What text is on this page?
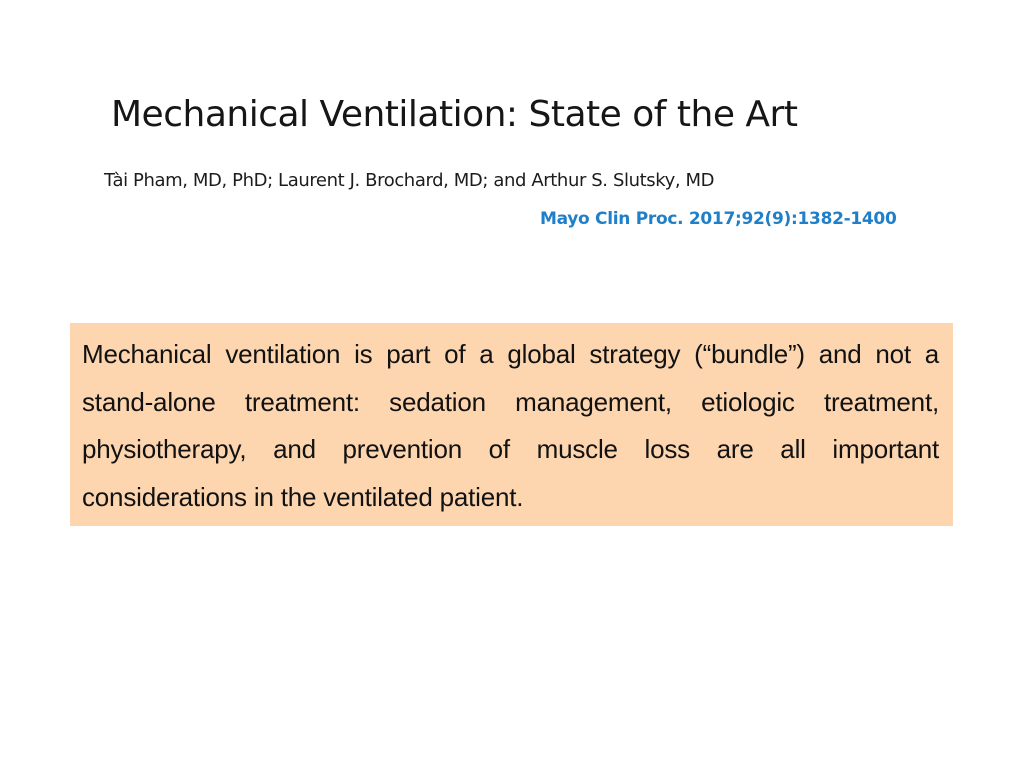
Mechanical Ventilation: State of the Art
Tài Pham, MD, PhD; Laurent J. Brochard, MD; and Arthur S. Slutsky, MD
Mayo Clin Proc. 2017;92(9):1382-1400

Mechanical ventilation is part of a global strategy (“bundle”) and not a stand-alone treatment: sedation management, etiologic treatment, physiotherapy, and prevention of muscle loss are all important considerations in the ventilated patient.
